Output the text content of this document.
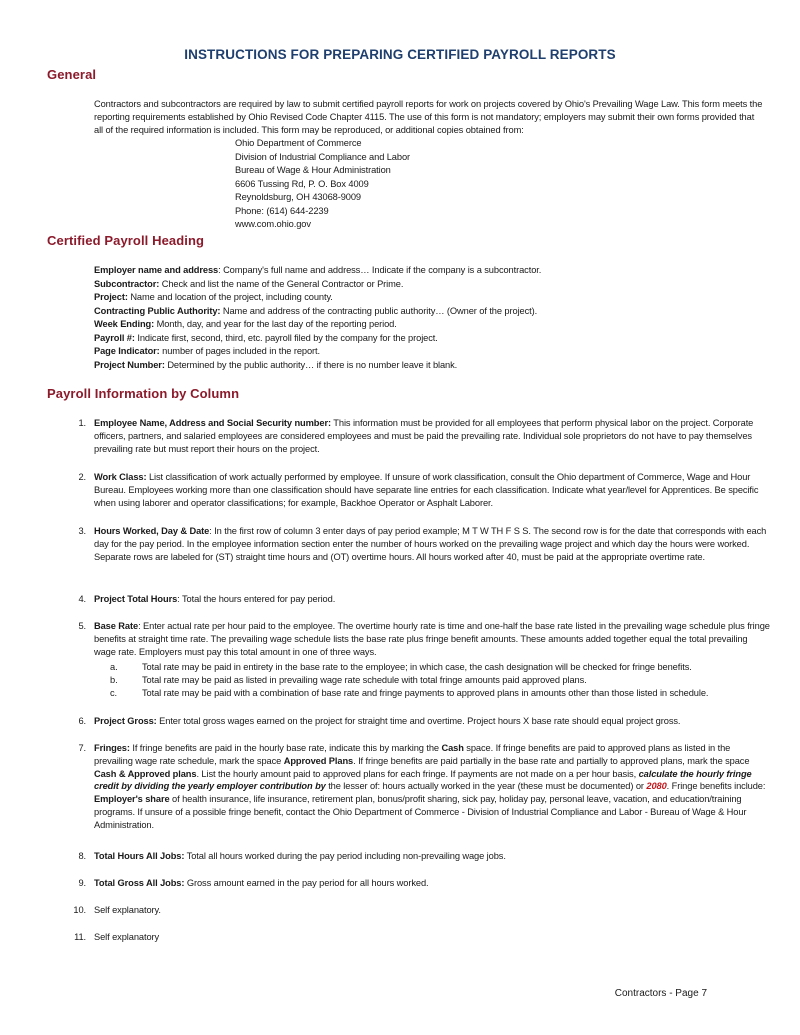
INSTRUCTIONS FOR PREPARING CERTIFIED PAYROLL REPORTS
General
Contractors and subcontractors are required by law to submit certified payroll reports for work on projects covered by Ohio's Prevailing Wage Law. This form meets the reporting requirements established by Ohio Revised Code Chapter 4115. The use of this form is not mandatory; employers may submit their own forms provided that all of the required information is included. This form may be reproduced, or additional copies obtained from:
Ohio Department of Commerce
Division of Industrial Compliance and Labor
Bureau of Wage & Hour Administration
6606 Tussing Rd, P. O. Box 4009
Reynoldsburg, OH 43068-9009
Phone: (614) 644-2239
www.com.ohio.gov
Certified Payroll Heading
Employer name and address: Company's full name and address… Indicate if the company is a subcontractor.
Subcontractor: Check and list the name of the General Contractor or Prime.
Project: Name and location of the project, including county.
Contracting Public Authority: Name and address of the contracting public authority… (Owner of the project).
Week Ending: Month, day, and year for the last day of the reporting period.
Payroll #: Indicate first, second, third, etc. payroll filed by the company for the project.
Page Indicator: number of pages included in the report.
Project Number: Determined by the public authority… if there is no number leave it blank.
Payroll Information by Column
1. Employee Name, Address and Social Security number: This information must be provided for all employees that perform physical labor on the project. Corporate officers, partners, and salaried employees are considered employees and must be paid the prevailing rate. Individual sole proprietors do not have to pay themselves prevailing rate but must report their hours on the project.
2. Work Class: List classification of work actually performed by employee. If unsure of work classification, consult the Ohio department of Commerce, Wage and Hour Bureau. Employees working more than one classification should have separate line entries for each classification. Indicate what year/level for Apprentices. Be specific when using laborer and operator classifications; for example, Backhoe Operator or Asphalt Laborer.
3. Hours Worked, Day & Date: In the first row of column 3 enter days of pay period example; M T W TH F S S. The second row is for the date that corresponds with each day for the pay period. In the employee information section enter the number of hours worked on the prevailing wage project and which day the hours were worked. Separate rows are labeled for (ST) straight time hours and (OT) overtime hours. All hours worked after 40, must be paid at the appropriate overtime rate.
4. Project Total Hours: Total the hours entered for pay period.
5. Base Rate: Enter actual rate per hour paid to the employee. The overtime hourly rate is time and one-half the base rate listed in the prevailing wage schedule plus fringe benefits at straight time rate. The prevailing wage schedule lists the base rate plus fringe benefit amounts. These amounts added together equal the total prevailing wage rate. Employers must pay this total amount in one of three ways.
a.	Total rate may be paid in entirety in the base rate to the employee; in which case, the cash designation will be checked for fringe benefits.
b.	Total rate may be paid as listed in prevailing wage rate schedule with total fringe amounts paid approved plans.
c.	Total rate may be paid with a combination of base rate and fringe payments to approved plans in amounts other than those listed in schedule.
6. Project Gross: Enter total gross wages earned on the project for straight time and overtime. Project hours X base rate should equal project gross.
7. Fringes: If fringe benefits are paid in the hourly base rate, indicate this by marking the Cash space. If fringe benefits are paid to approved plans as listed in the prevailing wage rate schedule, mark the space Approved Plans. If fringe benefits are paid partially in the base rate and partially to approved plans, mark the space Cash & Approved plans. List the hourly amount paid to approved plans for each fringe. If payments are not made on a per hour basis, calculate the hourly fringe credit by dividing the yearly employer contribution by the lesser of: hours actually worked in the year (these must be documented) or 2080. Fringe benefits include: Employer's share of health insurance, life insurance, retirement plan, bonus/profit sharing, sick pay, holiday pay, personal leave, vacation, and education/training programs. If unsure of a possible fringe benefit, contact the Ohio Department of Commerce - Division of Industrial Compliance and Labor - Bureau of Wage & Hour Administration.
8. Total Hours All Jobs: Total all hours worked during the pay period including non-prevailing wage jobs.
9. Total Gross All Jobs: Gross amount earned in the pay period for all hours worked.
10. Self explanatory.
11. Self explanatory
Contractors - Page 7
